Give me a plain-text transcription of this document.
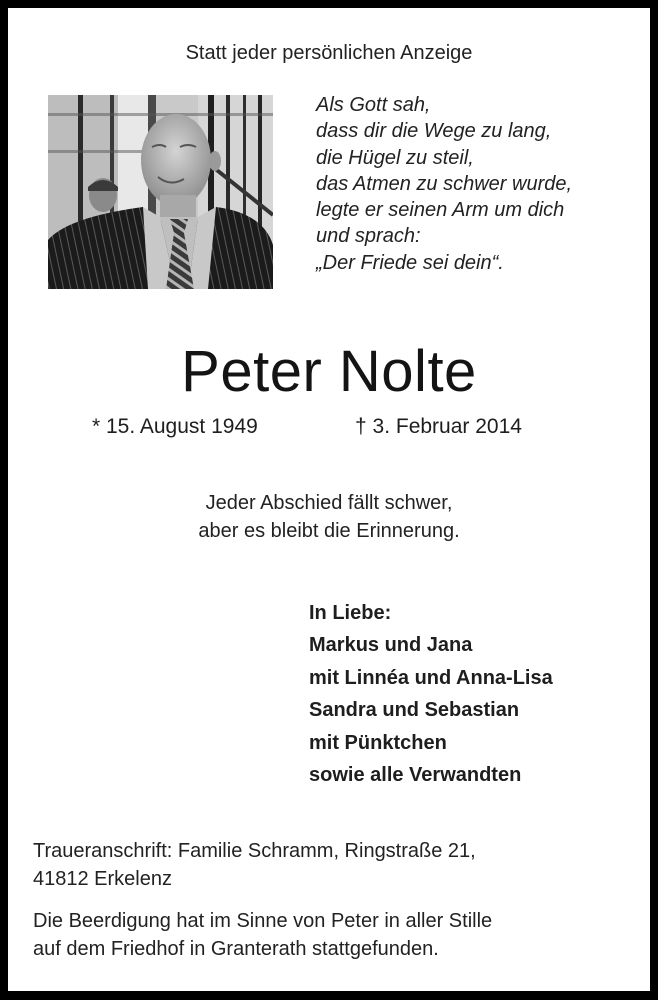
Statt jeder persönlichen Anzeige
Als Gott sah,
dass dir die Wege zu lang,
die Hügel zu steil,
das Atmen zu schwer wurde,
legte er seinen Arm um dich
und sprach:
„Der Friede sei dein“.
Peter Nolte
* 15. August 1949	† 3. Februar 2014
Jeder Abschied fällt schwer,
aber es bleibt die Erinnerung.
In Liebe:
Markus und Jana
mit Linnéa und Anna-Lisa
Sandra und Sebastian
mit Pünktchen
sowie alle Verwandten
Traueranschrift: Familie Schramm, Ringstraße 21,
41812 Erkelenz
Die Beerdigung hat im Sinne von Peter in aller Stille
auf dem Friedhof in Granterath stattgefunden.
